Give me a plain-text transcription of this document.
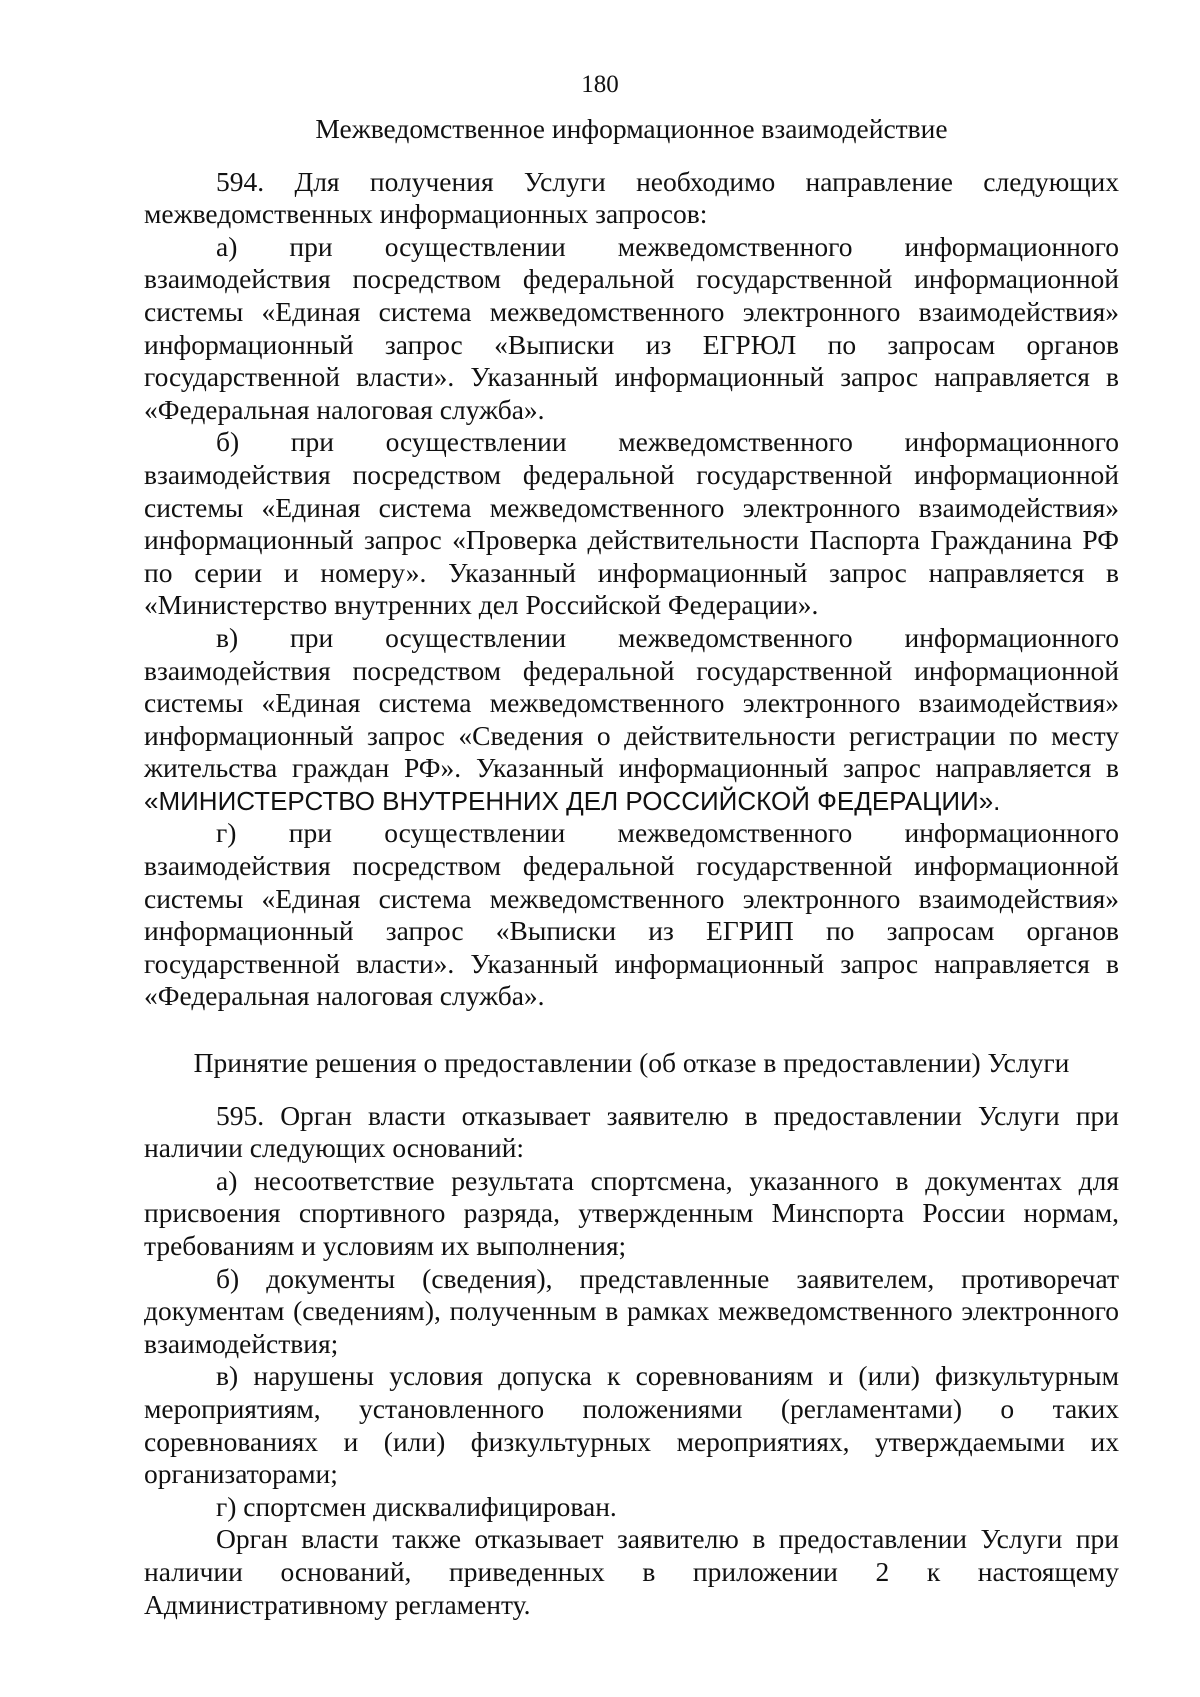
180

Межведомственное информационное взаимодействие

594. Для получения Услуги необходимо направление следующих межведомственных информационных запросов:

а) при осуществлении межведомственного информационного взаимодействия посредством федеральной государственной информационной системы «Единая система межведомственного электронного взаимодействия» информационный запрос «Выписки из ЕГРЮЛ по запросам органов государственной власти». Указанный информационный запрос направляется в «Федеральная налоговая служба».

б) при осуществлении межведомственного информационного взаимодействия посредством федеральной государственной информационной системы «Единая система межведомственного электронного взаимодействия» информационный запрос «Проверка действительности Паспорта Гражданина РФ по серии и номеру». Указанный информационный запрос направляется в «Министерство внутренних дел Российской Федерации».

в) при осуществлении межведомственного информационного взаимодействия посредством федеральной государственной информационной системы «Единая система межведомственного электронного взаимодействия» информационный запрос «Сведения о действительности регистрации по месту жительства граждан РФ». Указанный информационный запрос направляется в «МИНИСТЕРСТВО ВНУТРЕННИХ ДЕЛ РОССИЙСКОЙ ФЕДЕРАЦИИ».

г) при осуществлении межведомственного информационного взаимодействия посредством федеральной государственной информационной системы «Единая система межведомственного электронного взаимодействия» информационный запрос «Выписки из ЕГРИП по запросам органов государственной власти». Указанный информационный запрос направляется в «Федеральная налоговая служба».

Принятие решения о предоставлении (об отказе в предоставлении) Услуги

595. Орган власти отказывает заявителю в предоставлении Услуги при наличии следующих оснований:

а) несоответствие результата спортсмена, указанного в документах для присвоения спортивного разряда, утвержденным Минспорта России нормам, требованиям и условиям их выполнения;

б) документы (сведения), представленные заявителем, противоречат документам (сведениям), полученным в рамках межведомственного электронного взаимодействия;

в) нарушены условия допуска к соревнованиям и (или) физкультурным мероприятиям, установленного положениями (регламентами) о таких соревнованиях и (или) физкультурных мероприятиях, утверждаемыми их организаторами;

г) спортсмен дисквалифицирован.

Орган власти также отказывает заявителю в предоставлении Услуги при наличии оснований, приведенных в приложении 2 к настоящему Административному регламенту.
